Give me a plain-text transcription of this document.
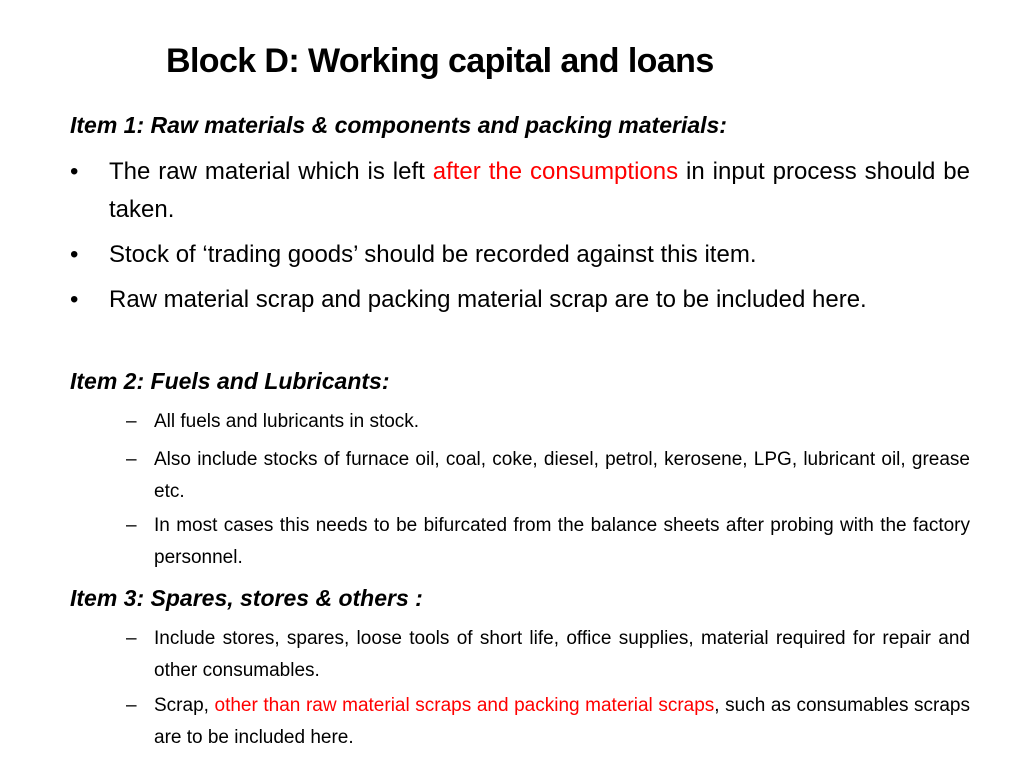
Block D: Working capital and loans
Item 1: Raw materials & components and packing materials:
• The raw material which is left after the consumptions in input process should be taken.
• Stock of ‘trading goods’ should be recorded against this item.
• Raw material scrap and packing material scrap are to be included here.
Item 2: Fuels and Lubricants:
– All fuels and lubricants in stock.
– Also include stocks of furnace oil, coal, coke, diesel, petrol, kerosene, LPG, lubricant oil, grease etc.
– In most cases this needs to be bifurcated from the balance sheets after probing with the factory personnel.
Item 3: Spares, stores & others :
– Include stores, spares, loose tools of short life, office supplies, material required for repair and other consumables.
– Scrap, other than raw material scraps and packing material scraps, such as consumables scraps are to be included here.
